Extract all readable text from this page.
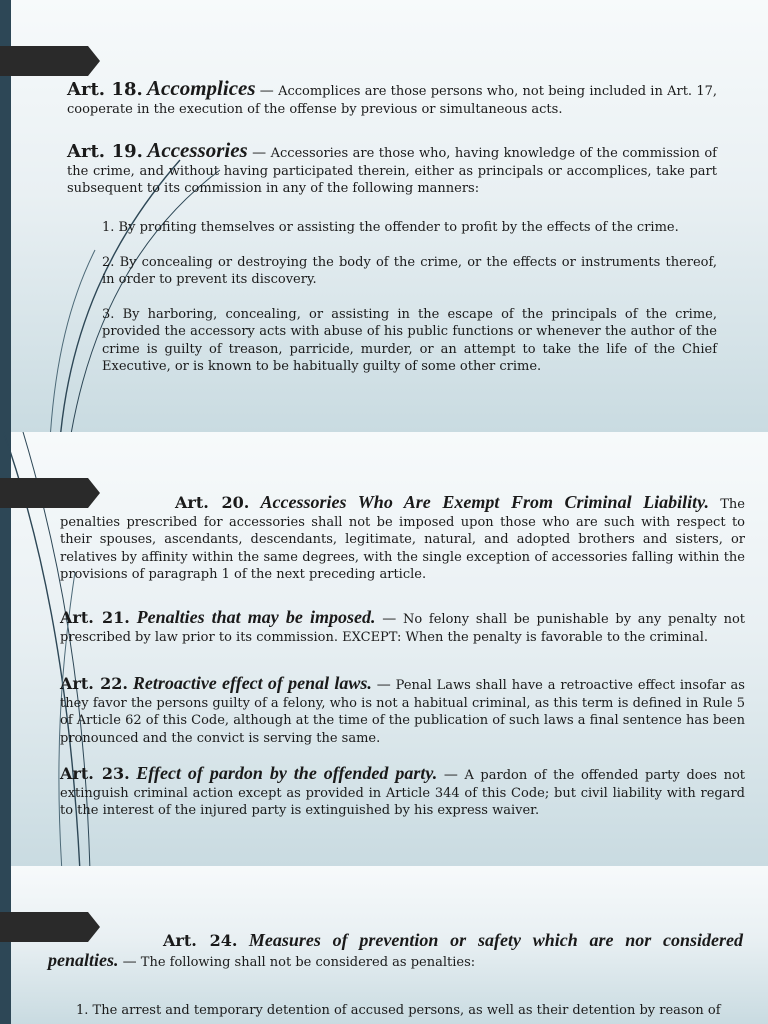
Art. 18. Accomplices — Accomplices are those persons who, not being included in Art. 17, cooperate in the execution of the offense by previous or simultaneous acts.

Art. 19. Accessories — Accessories are those who, having knowledge of the commission of the crime, and without having participated therein, either as principals or accomplices, take part subsequent to its commission in any of the following manners:

1. By profiting themselves or assisting the offender to profit by the effects of the crime.

2. By concealing or destroying the body of the crime, or the effects or instruments thereof, in order to prevent its discovery.

3. By harboring, concealing, or assisting in the escape of the principals of the crime, provided the accessory acts with abuse of his public functions or whenever the author of the crime is guilty of treason, parricide, murder, or an attempt to take the life of the Chief Executive, or is known to be habitually guilty of some other crime.

Art. 20. Accessories Who Are Exempt From Criminal Liability. The penalties prescribed for accessories shall not be imposed upon those who are such with respect to their spouses, ascendants, descendants, legitimate, natural, and adopted brothers and sisters, or relatives by affinity within the same degrees, with the single exception of accessories falling within the provisions of paragraph 1 of the next preceding article.

Art. 21. Penalties that may be imposed. — No felony shall be punishable by any penalty not prescribed by law prior to its commission. EXCEPT: When the penalty is favorable to the criminal.

Art. 22. Retroactive effect of penal laws. — Penal Laws shall have a retroactive effect insofar as they favor the persons guilty of a felony, who is not a habitual criminal, as this term is defined in Rule 5 of Article 62 of this Code, although at the time of the publication of such laws a final sentence has been pronounced and the convict is serving the same.

Art. 23. Effect of pardon by the offended party. — A pardon of the offended party does not extinguish criminal action except as provided in Article 344 of this Code; but civil liability with regard to the interest of the injured party is extinguished by his express waiver.

Art. 24. Measures of prevention or safety which are nor considered penalties. — The following shall not be considered as penalties:

1. The arrest and temporary detention of accused persons, as well as their detention by reason of
